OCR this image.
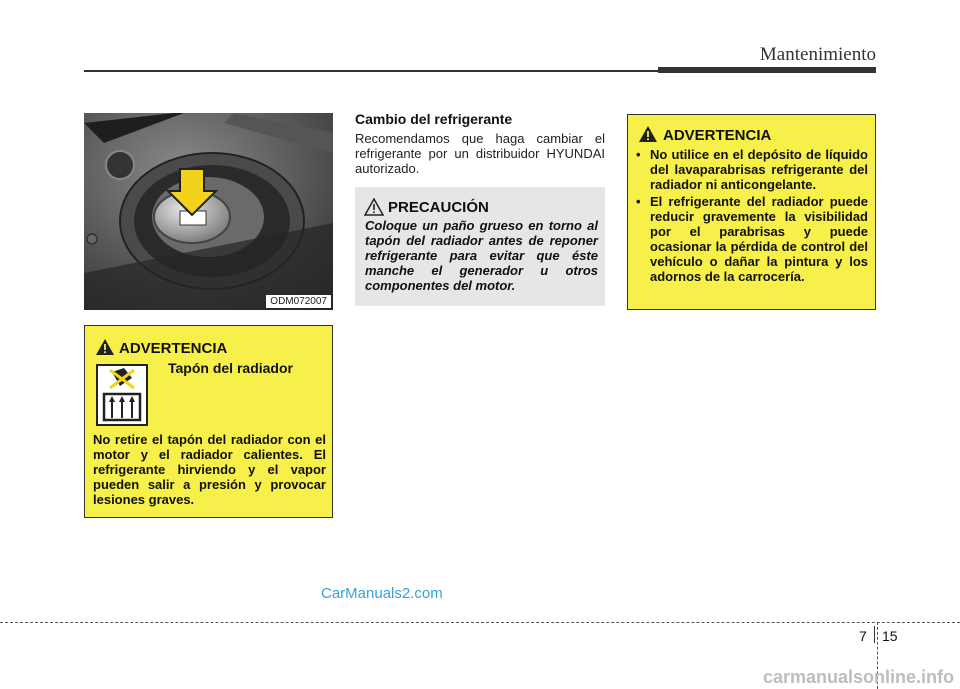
Mantenimiento
ODM072007
Cambio del refrigerante
Recomendamos que haga cambiar el refrigerante por un distribuidor HYUNDAI autorizado.
PRECAUCIÓN
Coloque un paño grueso en torno al tapón del radiador antes de reponer refrigerante para evitar que éste manche el generador u otros componentes del motor.
ADVERTENCIA
• No utilice en el depósito de líquido del lavaparabrisas refrigerante del radiador ni anticongelante.
• El refrigerante del radiador puede reducir gravemente la visibilidad por el parabrisas y puede ocasionar la pérdida de control del vehículo o dañar la pintura y los adornos de la carrocería.
ADVERTENCIA
Tapón del radiador
No retire el tapón del radiador con el motor y el radiador calientes. El refrigerante hirviendo y el vapor pueden salir a presión y provocar lesiones graves.
CarManuals2.com
7 15
carmanualsonline.info
